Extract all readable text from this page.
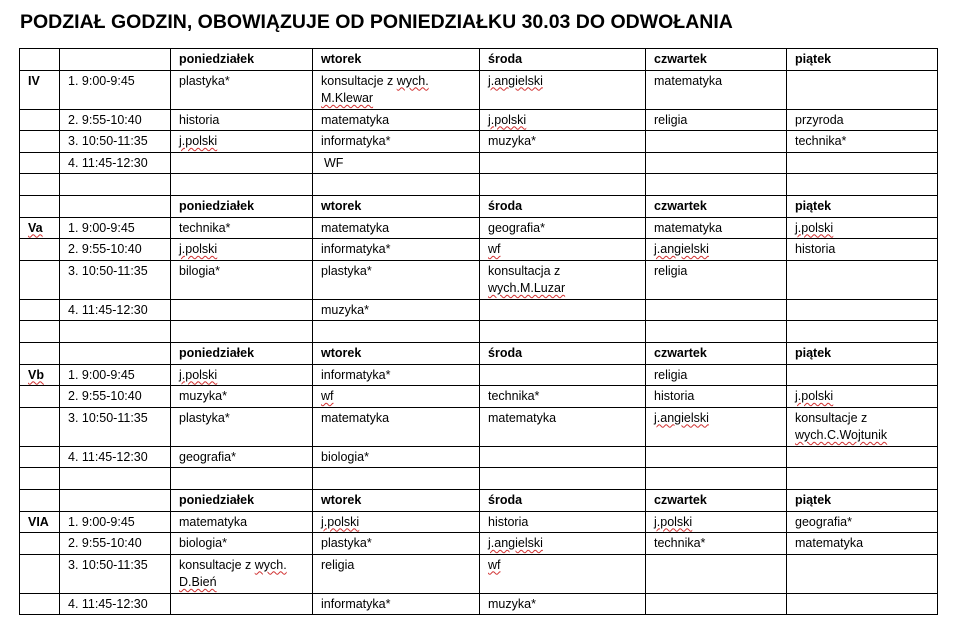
PODZIAŁ GODZIN, OBOWIĄZUJE OD PONIEDZIAŁKU 30.03 DO ODWOŁANIA
		poniedziałek	wtorek	środa	czwartek	piątek
IV	1. 9:00-9:45	plastyka*	konsultacje z wych.
M.Klewar	j.angielski	matematyka	
	2. 9:55-10:40	historia	matematyka	j.polski	religia	przyroda
	3. 10:50-11:35	j.polski	informatyka*	muzyka*		technika*
	4. 11:45-12:30		WF			

		poniedziałek	wtorek	środa	czwartek	piątek
Va	1. 9:00-9:45	technika*	matematyka	geografia*	matematyka	j.polski
	2. 9:55-10:40	j.polski	informatyka*	wf	j.angielski	historia
	3. 10:50-11:35	bilogia*	plastyka*	konsultacja z
wych.M.Luzar	religia	
	4. 11:45-12:30		muzyka*			

		poniedziałek	wtorek	środa	czwartek	piątek
Vb	1. 9:00-9:45	j.polski	informatyka*		religia	
	2. 9:55-10:40	muzyka*	wf	technika*	historia	j.polski
	3. 10:50-11:35	plastyka*	matematyka	matematyka	j.angielski	konsultacje z
wych.C.Wojtunik
	4. 11:45-12:30	geografia*	biologia*			

		poniedziałek	wtorek	środa	czwartek	piątek
VIA	1. 9:00-9:45	matematyka	j.polski	historia	j.polski	geografia*
	2. 9:55-10:40	biologia*	plastyka*	j.angielski	technika*	matematyka
	3. 10:50-11:35	konsultacje z wych.
D.Bień	religia	wf		
	4. 11:45-12:30		informatyka*	muzyka*		
